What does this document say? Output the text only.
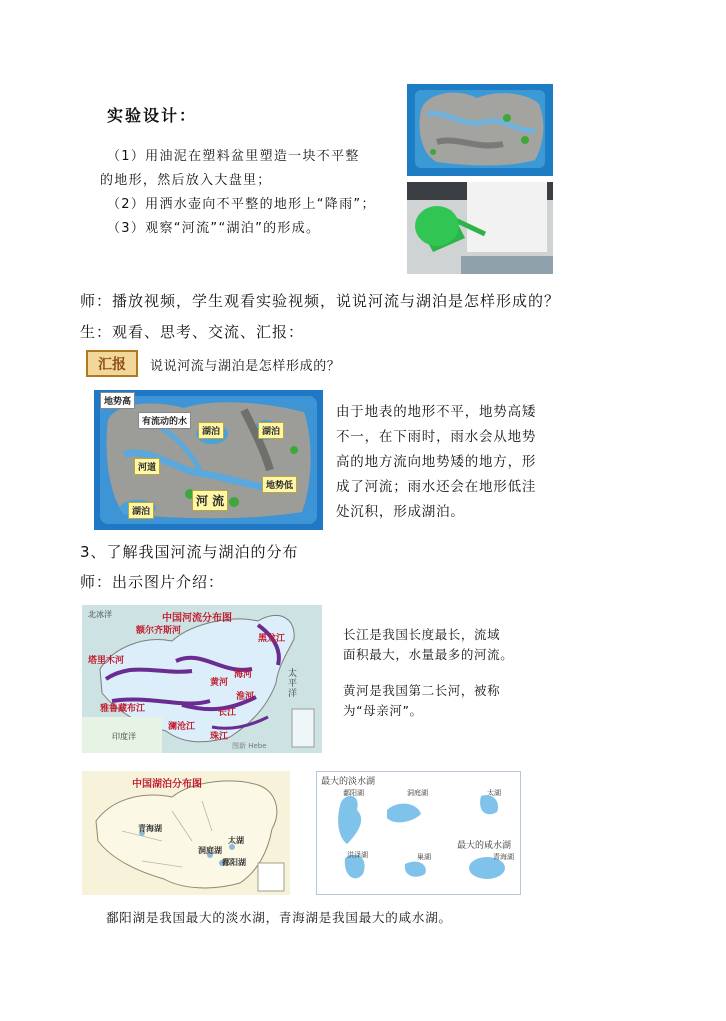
实验设计：
（1）用油泥在塑料盆里塑造一块不平整
的地形，然后放入大盘里；
（2）用洒水壶向不平整的地形上“降雨”；
（3）观察“河流”“湖泊”的形成。
师：播放视频，学生观看实验视频，说说河流与湖泊是怎样形成的？
生：观看、思考、交流、汇报：
汇报	说说河流与湖泊是怎样形成的？
地势高
有流动的水
湖泊	湖泊
河道
河 流
地势低
湖泊
由于地表的地形不平，地势高矮
不一，在下雨时，雨水会从地势
高的地方流向地势矮的地方，形
成了河流；雨水还会在地形低洼
处沉积，形成湖泊。
3、了解我国河流与湖泊的分布
师：出示图片介绍：
北冰洋	中国河流分布图
塔里木河
额尔齐斯河
黑龙江
黄河
海河
淮河
长江
珠江
雅鲁藏布江
澜沧江
太
平
洋
印度洋
图新 Hebe
长江是我国长度最长，流域
面积最大，水量最多的河流。
黄河是我国第二长河，被称
为“母亲河”。
中国湖泊分布图
青海湖
洞庭湖
太湖
鄱阳湖
最大的淡水湖
鄱阳湖	洞庭湖	太湖
洪泽湖	巢湖
最大的咸水湖
青海湖
鄱阳湖是我国最大的淡水湖，青海湖是我国最大的咸水湖。
